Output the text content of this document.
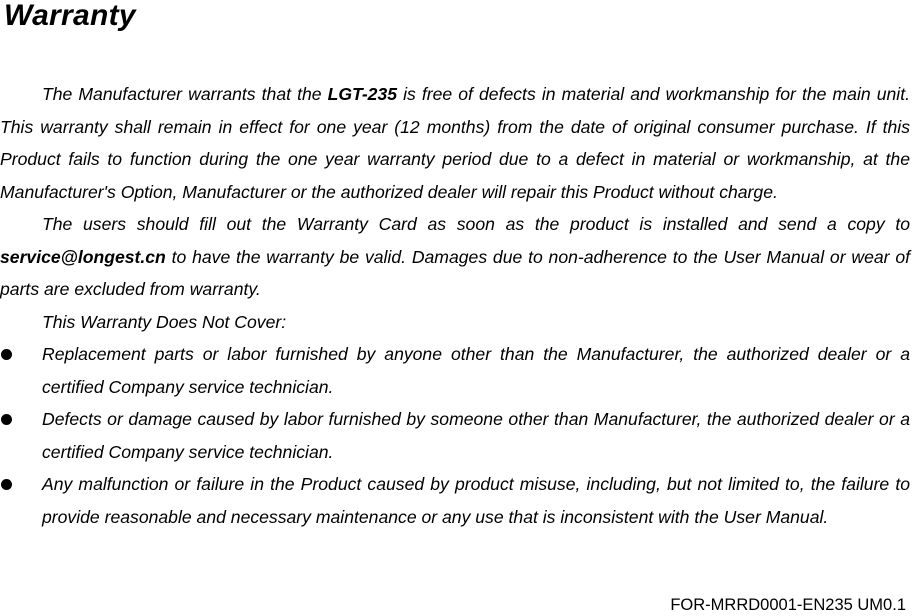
Warranty

The Manufacturer warrants that the LGT-235 is free of defects in material and workmanship for the main unit. This warranty shall remain in effect for one year (12 months) from the date of original consumer purchase. If this Product fails to function during the one year warranty period due to a defect in material or workmanship, at the Manufacturer's Option, Manufacturer or the authorized dealer will repair this Product without charge.

The users should fill out the Warranty Card as soon as the product is installed and send a copy to service@longest.cn to have the warranty be valid. Damages due to non-adherence to the User Manual or wear of parts are excluded from warranty.

This Warranty Does Not Cover:

Replacement parts or labor furnished by anyone other than the Manufacturer, the authorized dealer or a certified Company service technician.
Defects or damage caused by labor furnished by someone other than Manufacturer, the authorized dealer or a certified Company service technician.
Any malfunction or failure in the Product caused by product misuse, including, but not limited to, the failure to provide reasonable and necessary maintenance or any use that is inconsistent with the User Manual.
FOR-MRRD0001-EN235 UM0.1
